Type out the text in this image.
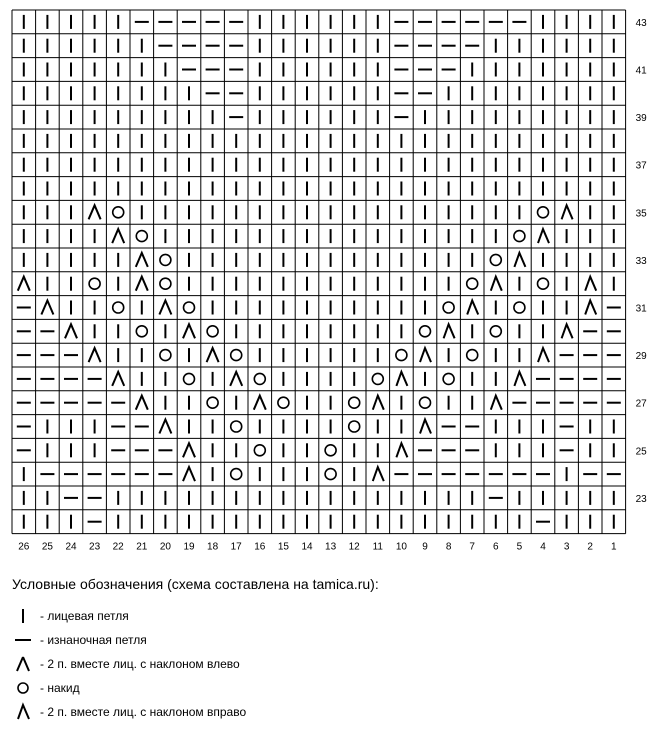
43
41
39
37
35
33
31
29
27
25
23
26 25 24 23 22 21 20 19 18 17 16 15 14 13 12 11 10 9 8 7 6 5 4 3 2 1
Условные обозначения (схема составлена на tamica.ru):
- лицевая петля
- изнаночная петля
- 2 п. вместе лиц. с наклоном влево
- накид
- 2 п. вместе лиц. с наклоном вправо
